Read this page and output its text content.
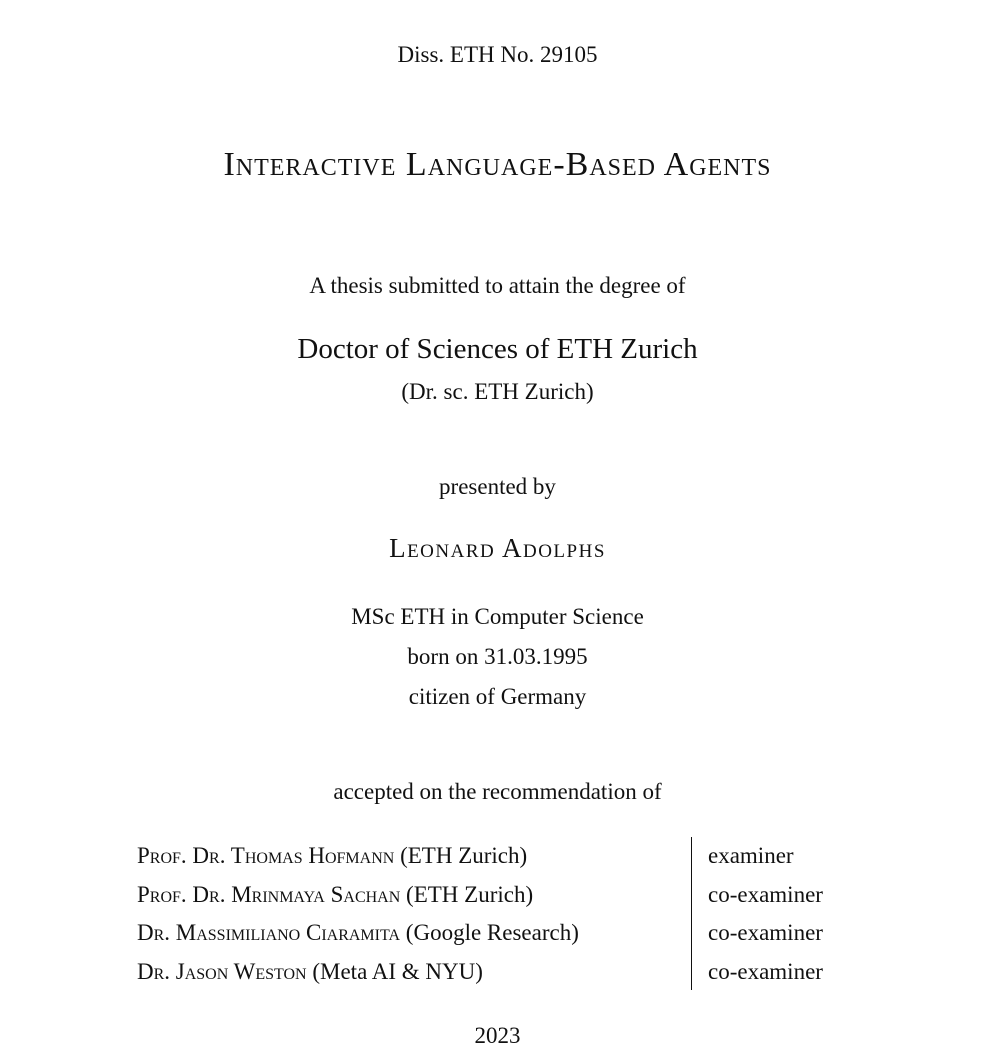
Diss. ETH No. 29105
Interactive Language-Based Agents
A thesis submitted to attain the degree of
Doctor of Sciences of ETH Zurich
(Dr. sc. ETH Zurich)
presented by
Leonard Adolphs
MSc ETH in Computer Science
born on 31.03.1995
citizen of Germany
accepted on the recommendation of
Prof. Dr. Thomas Hofmann (ETH Zurich)	examiner
Prof. Dr. Mrinmaya Sachan (ETH Zurich)	co-examiner
Dr. Massimiliano Ciaramita (Google Research)	co-examiner
Dr. Jason Weston (Meta AI & NYU)	co-examiner
2023
